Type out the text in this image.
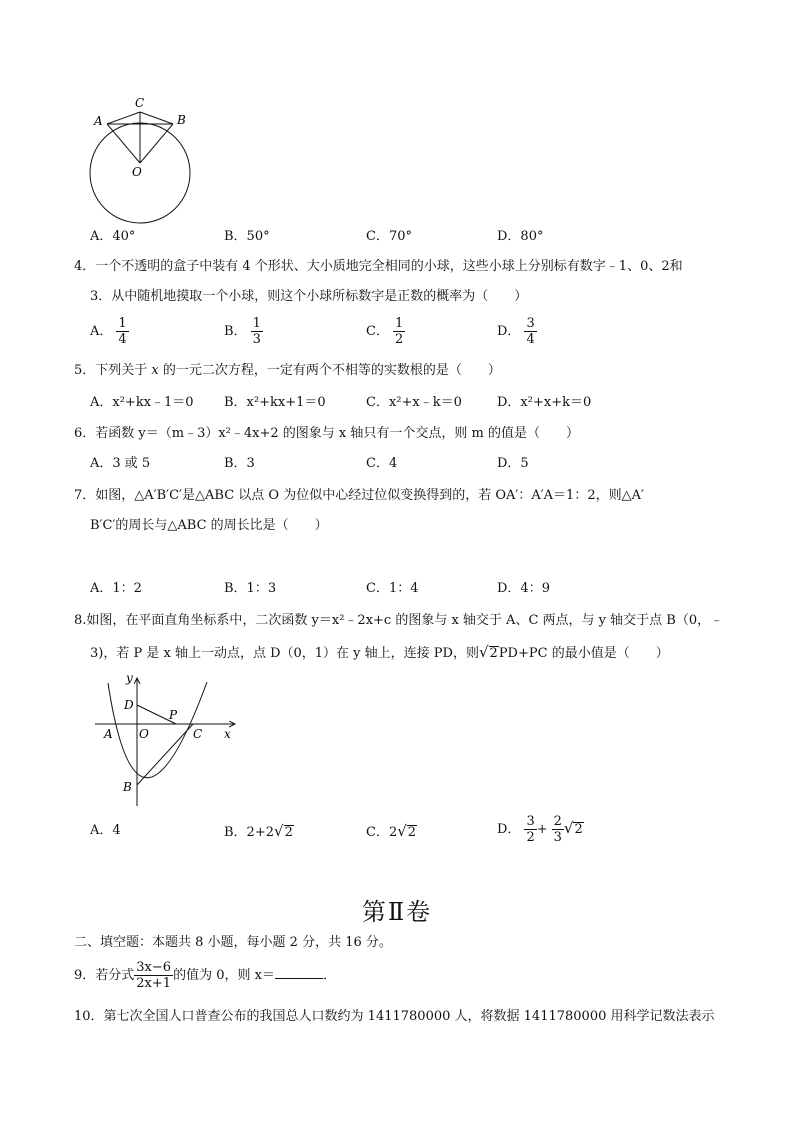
C
A	B
O
A．40°	B．50°	C．70°	D．80°
4．一个不透明的盒子中装有 4 个形状、大小质地完全相同的小球，这些小球上分别标有数字﹣1、0、2和
3．从中随机地摸取一个小球，则这个小球所标数字是正数的概率为（　　）
A． $\frac{1}{4}$	B． $\frac{1}{3}$	C． $\frac{1}{2}$	D． $\frac{3}{4}$
5．下列关于 x 的一元二次方程，一定有两个不相等的实数根的是（　　）
A．x²+kx﹣1＝0 B．x²+kx+1＝0	C．x²+x﹣k＝0	D．x²+x+k＝0
6．若函数 y＝（m﹣3）x²﹣4x+2 的图象与 x 轴只有一个交点，则 m 的值是（　　）
A．3 或 5	B．3	C．4	D．5
7．如图，△A′B′C′是△ABC 以点 O 为位似中心经过位似变换得到的，若 OA′：A′A＝1：2，则△A′
B′C′的周长与△ABC 的周长比是（　　）
A．1：2	B．1：3	C．1：4	D．4：9
8.如图，在平面直角坐标系中，二次函数 y＝x²﹣2x+c 的图象与 x 轴交于 A、C 两点，与 y 轴交于点 B（0，﹣
3)，若 P 是 x 轴上一动点，点 D（0，1）在 y 轴上，连接 PD，则√2PD+PC 的最小值是（　　）
y
x
D
P
A O	C
B
A．4	B．2+2√2	C．2√2	D． $\frac{3}{2} + \frac{2}{3} √2$
第Ⅱ卷
二、填空题：本题共 8 小题，每小题 2 分，共 16 分。
9．若分式 $\frac{3x-6}{2x+1}$ 的值为 0，则 x＝	．
10．第七次全国人口普查公布的我国总人口数约为 1411780000 人，将数据 1411780000 用科学记数法表示
